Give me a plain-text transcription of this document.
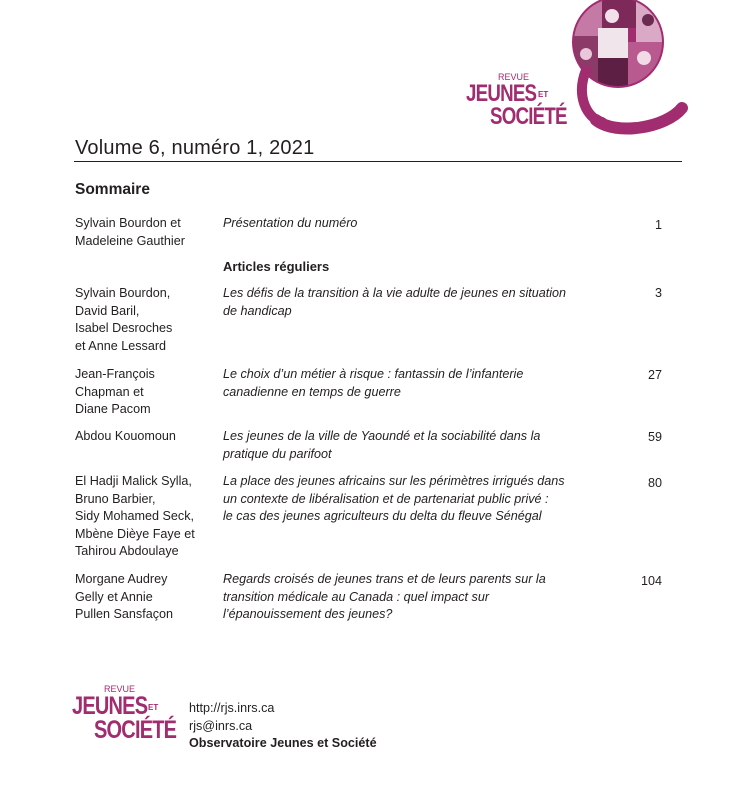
REVUE
JEUNES ET
SOCIÉTÉ
Volume 6, numéro 1, 2021
Sommaire
Sylvain Bourdon et
Madeleine Gauthier
Présentation du numéro	1
Articles réguliers
Sylvain Bourdon,
David Baril,
Isabel Desroches
et Anne Lessard
Les défis de la transition à la vie adulte de jeunes en situation
de handicap
3
Jean-François
Chapman et
Diane Pacom
Le choix d’un métier à risque : fantassin de l’infanterie
canadienne en temps de guerre
27
Abdou Kouomoun	Les jeunes de la ville de Yaoundé et la sociabilité dans la
pratique du parifoot
59
El Hadji Malick Sylla,
Bruno Barbier,
Sidy Mohamed Seck,
Mbène Dièye Faye et
Tahirou Abdoulaye
La place des jeunes africains sur les périmètres irrigués dans
un contexte de libéralisation et de partenariat public privé :
le cas des jeunes agriculteurs du delta du fleuve Sénégal
80
Morgane Audrey
Gelly et Annie
Pullen Sansfaçon
Regards croisés de jeunes trans et de leurs parents sur la
transition médicale au Canada : quel impact sur
l’épanouissement des jeunes?
104
REVUE
JEUNES ET
SOCIÉTÉ
http://rjs.inrs.ca
rjs@inrs.ca
Observatoire Jeunes et Société
